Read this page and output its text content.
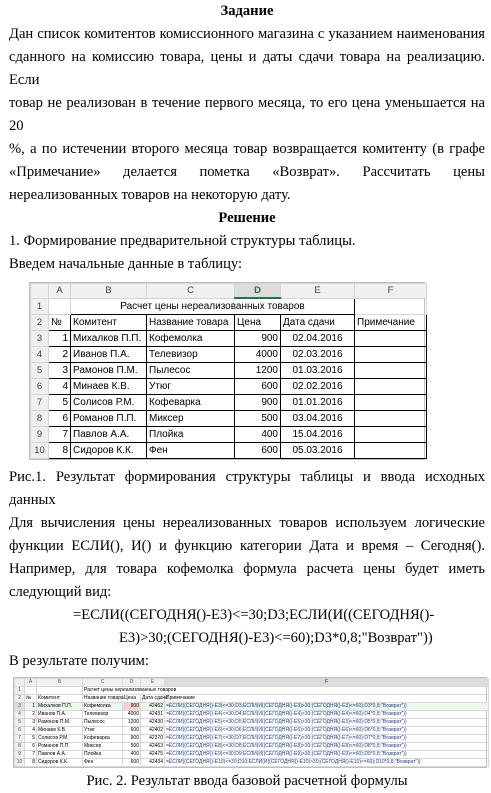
Задание

Дан список комитентов комиссионного магазина с указанием наименования

сданного на комиссию товара, цены и даты сдачи товара на реализацию. Если

товар не реализован в течение первого месяца, то его цена уменьшается на 20

%, а по истечении второго месяца товар возвращается комитенту (в графе

«Примечание»     делается     пометка     «Возврат».     Рассчитать     цены

нереализованных товаров на некоторую дату.

Решение

1. Формирование предварительной структуры таблицы.

Введем начальные данные в таблицу:

	A	B	C	D	E	F
1		Расчет цены нереализованных товаров				
2	№	Комитент	Название товара	Цена	Дата сдачи	Примечание
3	1	Михалков П.П.	Кофемолка	900	02.04.2016	
4	2	Иванов П.А.	Телевизор	4000	02.03.2016	
5	3	Рамонов П.М.	Пылесос	1200	01.03.2016	
6	4	Минаев К.В.	Утюг	600	02.02.2016	
7	5	Солисов Р.М.	Кофеварка	900	01.01.2016	
8	6	Романов П.П.	Миксер	500	03.04.2016	
9	7	Павлов А.А.	Плойка	400	15.04.2016	
10	8	Сидоров К.К.	Фен	600	05.03.2016	

Рис.1. Результат формирования структуры таблицы и ввода исходных данных

Для вычисления цены нереализованных товаров используем логические

функции ЕСЛИ(), И() и функцию категории Дата и время – Сегодня().

Например, для товара кофемолка формула расчета цены будет иметь

следующий вид:

=ЕСЛИ((СЕГОДНЯ()-E3)<=30;D3;ЕСЛИ(И((СЕГОДНЯ()-

E3)>30;(СЕГОДНЯ()-E3)<=60);D3*0,8;"Возврат"))

В результате получим:

	A	B	C	D	E	F
1			Расчет цены нереализованных товаров			
2	№	Комитент	Название товара	Цена	Дата сдачи	Примечание
3	1	Михалков П.П.	Кофемолка	900	42462	=ЕСЛИ((СЕГОДНЯ()-E3)<=30;D3;ЕСЛИ(И((СЕГОДНЯ()-E3)>30;(СЕГОДНЯ()-E3)<=60);D3*0,8;"Возврат"))
4	2	Иванов П.А.	Телевизор	4000	42431	=ЕСЛИ((СЕГОДНЯ()-E4)<=30;D4;ЕСЛИ(И((СЕГОДНЯ()-E4)>30;(СЕГОДНЯ()-E4)<=60);D4*0,8;"Возврат"))
5	3	Рамонов П.М.	Пылесос	1200	42430	=ЕСЛИ((СЕГОДНЯ()-E5)<=30;D5;ЕСЛИ(И((СЕГОДНЯ()-E5)>30;(СЕГОДНЯ()-E5)<=60);D5*0,8;"Возврат"))
6	4	Минаев К.В.	Утюг	600	42402	=ЕСЛИ((СЕГОДНЯ()-E6)<=30;D6;ЕСЛИ(И((СЕГОДНЯ()-E6)>30;(СЕГОДНЯ()-E6)<=60);D6*0,8;"Возврат"))
7	5	Солисов Р.М.	Кофеварка	900	42370	=ЕСЛИ((СЕГОДНЯ()-E7)<=30;D7;ЕСЛИ(И((СЕГОДНЯ()-E7)>30;(СЕГОДНЯ()-E7)<=60);D7*0,8;"Возврат"))
8	6	Романов П.П.	Миксер	500	42463	=ЕСЛИ((СЕГОДНЯ()-E8)<=30;D8;ЕСЛИ(И((СЕГОДНЯ()-E8)>30;(СЕГОДНЯ()-E8)<=60);D8*0,8;"Возврат"))
9	7	Павлов А.А.	Плойка	400	42475	=ЕСЛИ((СЕГОДНЯ()-E9)<=30;D9;ЕСЛИ(И((СЕГОДНЯ()-E9)>30;(СЕГОДНЯ()-E9)<=60);D9*0,8;"Возврат"))
10	8	Сидоров К.К.	Фен	600	42434	=ЕСЛИ((СЕГОДНЯ()-E10)<=30;D10;ЕСЛИ(И((СЕГОДНЯ()-E10)>30;(СЕГОДНЯ()-E10)<=60);D10*0,8;"Возврат"))

Рис. 2. Результат ввода базовой расчетной формулы
